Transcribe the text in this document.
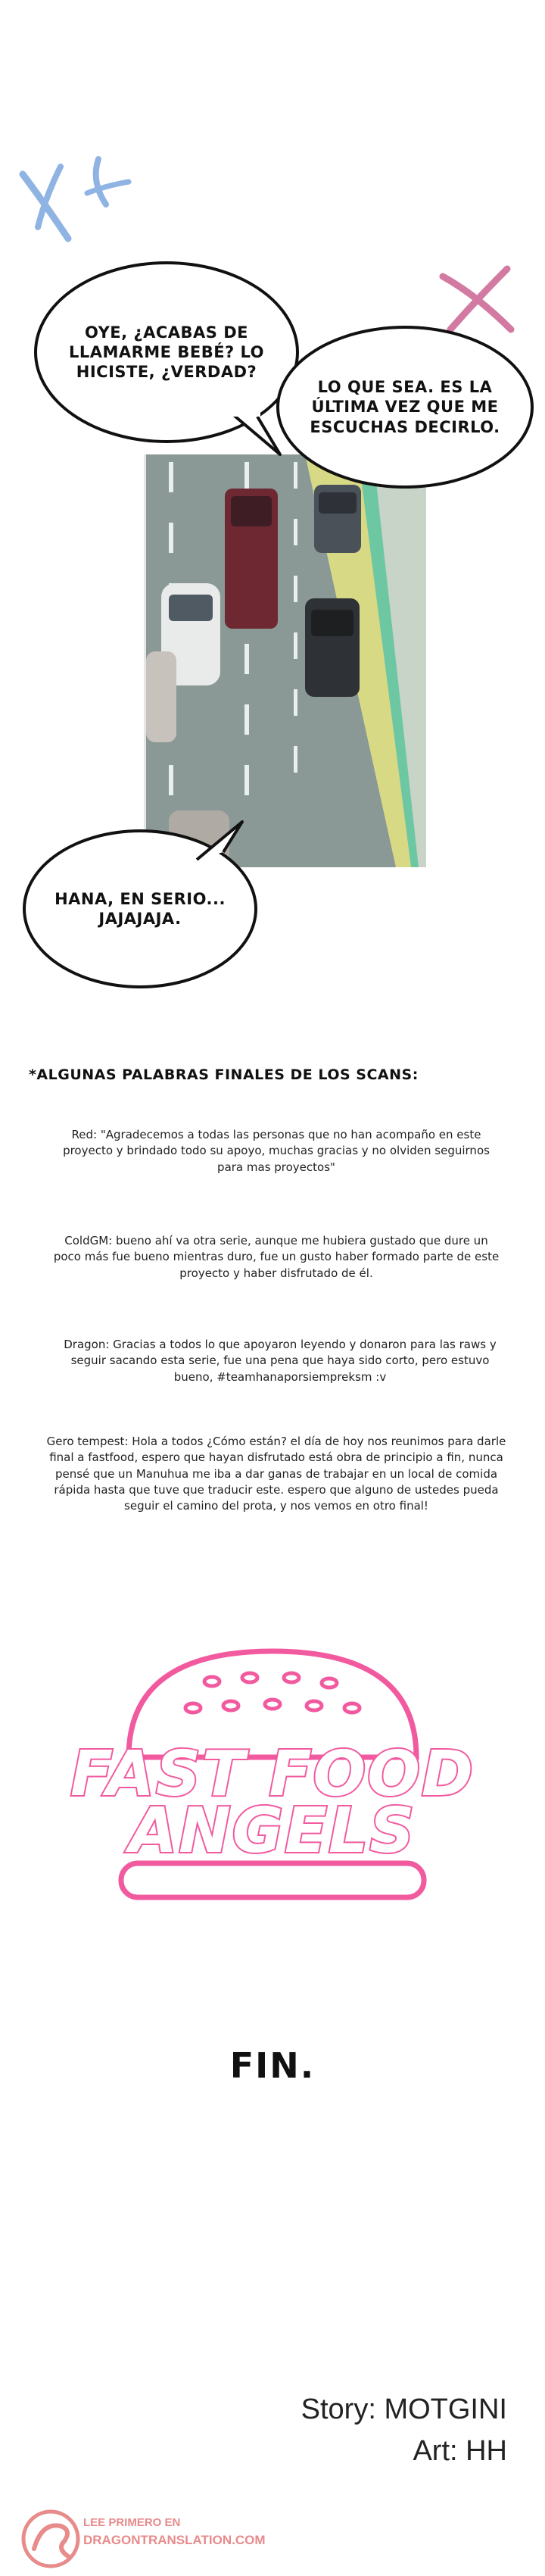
OYE, ¿ACABAS DE
LLAMARME BEBÉ? LO
HICISTE, ¿VERDAD?
LO QUE SEA. ES LA
ÚLTIMA VEZ QUE ME
ESCUCHAS DECIRLO.
HANA, EN SERIO...
JAJAJAJA.
*ALGUNAS PALABRAS FINALES DE LOS SCANS:
Red: "Agradecemos a todas las personas que no han acompaño en este proyecto y brindado todo su apoyo, muchas gracias y no olviden seguirnos para mas proyectos"
ColdGM: bueno ahí va otra serie, aunque me hubiera gustado que dure un poco más fue bueno mientras duro, fue un gusto haber formado parte de este proyecto y haber disfrutado de él.
Dragon: Gracias a todos lo que apoyaron leyendo y donaron para las raws y seguir sacando esta serie, fue una pena que haya sido corto, pero estuvo bueno, #teamhanaporsiempreksm :v
Gero tempest: Hola a todos ¿Cómo están? el día de hoy nos reunimos para darle final a fastfood, espero que hayan disfrutado está obra de principio a fin, nunca pensé que un Manuhua me iba a dar ganas de trabajar en un local de comida rápida hasta que tuve que traducir este. espero que alguno de ustedes pueda seguir el camino del prota, y nos vemos en otro final!
FAST FOOD
ANGELS
FIN.
Story: MOTGINI
Art: HH
LEE PRIMERO EN
DRAGONTRANSLATION.COM
